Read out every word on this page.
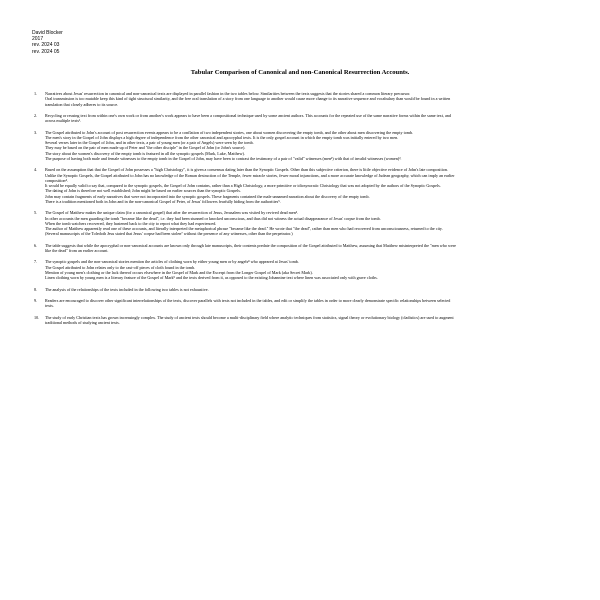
David Blocker
2017
rev. 2024 03
rev. 2024 05
Tabular Comparison of Canonical and non-Canonical Resurrection Accounts.
1. Narratives about Jesus' resurrection in canonical and non-canonical texts are displayed in parallel fashion in the two tables below. Similarities between the texts suggests that the stories shared a common literary precursor.
Oral transmission is too mutable keep this kind of tight structural similarity, and the free oral translation of a story from one language to another would cause more change to its narrative sequence and vocabulary than would be found in a written
translation that closely adheres to its source.
2. Recycling or reusing text from within one's own work or from another's work appears to have been a compositional technique used by some ancient authors. This accounts for the repeated use of the same narrative forms within the same text, and
across multiple texts¹.
3. The Gospel attributed to John's account of post resurrection events appears to be a conflation of two independent stories, one about women discovering the empty tomb, and the other about men discovering the empty tomb.
The men's story in the Gospel of John displays a high degree of independence from the other canonical and apocryphal texts. It is the only gospel account in which the empty tomb was initially entered by two men.
Several verses later in the Gospel of John, and in other texts, a pair of young men (or a pair of Angels) were seen by the tomb.
They may be based on the pair of men made up of Peter and "the other disciple" in the Gospel of John (or John's source).
The story about the women's discovery of the empty tomb is featured in all the synoptic gospels (Mark, Luke, Matthew).
The purpose of having both male and female witnesses to the empty tomb in the Gospel of John, may have been to contrast the testimony of a pair of "valid" witnesses (men²) with that of invalid witnesses (women)³.
4. Based on the assumption that that the Gospel of John possesses a "high Christology", it is given a consensus dating later than the Synoptic Gospels. Other than this subjective criterion, there is little objective evidence of John's late composition.
Unlike the Synoptic Gospels, the Gospel attributed to John has no knowledge of the Roman destruction of the Temple, fewer miracle stories, fewer moral injunctions, and a more accurate knowledge of Judean geography, which can imply an earlier
composition⁴.
It would be equally valid to say that, compared to the synoptic gospels, the Gospel of John contains, rather than a High Christology, a more primitive or idiosyncratic Christology that was not adopted by the authors of the Synoptic Gospels.
The dating of John is therefore not well established; John might be based on earlier sources than the synoptic Gospels.
John may contain fragments of early narratives that were not incorporated into the synoptic gospels. These fragments contained the male unnamed narration about the discovery of the empty tomb.
There is a tradition mentioned both in John and in the non-canonical Gospel of Peter, of Jesus' followers fearfully hiding from the authorities⁵.
5. The Gospel of Matthew makes the unique claim (for a canonical gospel) that after the resurrection of Jesus, Jerusalem was visited by revived dead men⁶.
In other accounts the men guarding the tomb "became like the dead", i.e. they had been stunned or knocked unconscious, and thus did not witness the actual disappearance of Jesus' corpse from the tomb.
When the tomb watchers recovered, they hastened back to the city to report what they had experienced.
The author of Matthew apparently read one of these accounts, and literally interpreted the metaphorical phrase "became like the dead." He wrote that "the dead", rather than men who had recovered from unconsciousness, returned to the city.
(Several manuscripts of the Toledoth Jesu stated that Jesus' corpse had been stolen⁷ without the presence of any witnesses, other than the perpetrator.)
6. The table suggests that while the apocryphal or non-canonical accounts are known only through late manuscripts, their contents predate the composition of the Gospel attributed to Matthew, assuming that Matthew misinterpreted the "men who were
like the dead" from an earlier account.
7. The synoptic gospels and the non-canonical stories mention the articles of clothing worn by either young men or by angels⁸ who appeared at Jesus' tomb.
The Gospel attributed to John relates only to the cast-off pieces of cloth found in the tomb.
Mention of young men's clothing or the lack thereof occurs elsewhere in the Gospel of Mark and the Excerpt from the Longer Gospel of Mark (aka Secret Mark).
Linen clothing worn by young men is a literary feature of the Gospel of Mark⁹ and the texts derived from it, as opposed to the existing Johannine text where linen was associated only with grave cloths.
8. The analysis of the relationships of the texts included in the following two tables is not exhaustive.
9. Readers are encouraged to discover other significant interrelationships of the texts, discover parallels with texts not included in the tables, and edit or simplify the tables in order to more clearly demonstrate specific relationships between selected
texts.
10. The study of early Christian texts has grown increasingly complex. The study of ancient texts should become a multi-disciplinary field where analytic techniques from statistics, signal theory or evolutionary biology (cladistics) are used to augment
traditional methods of studying ancient texts.
